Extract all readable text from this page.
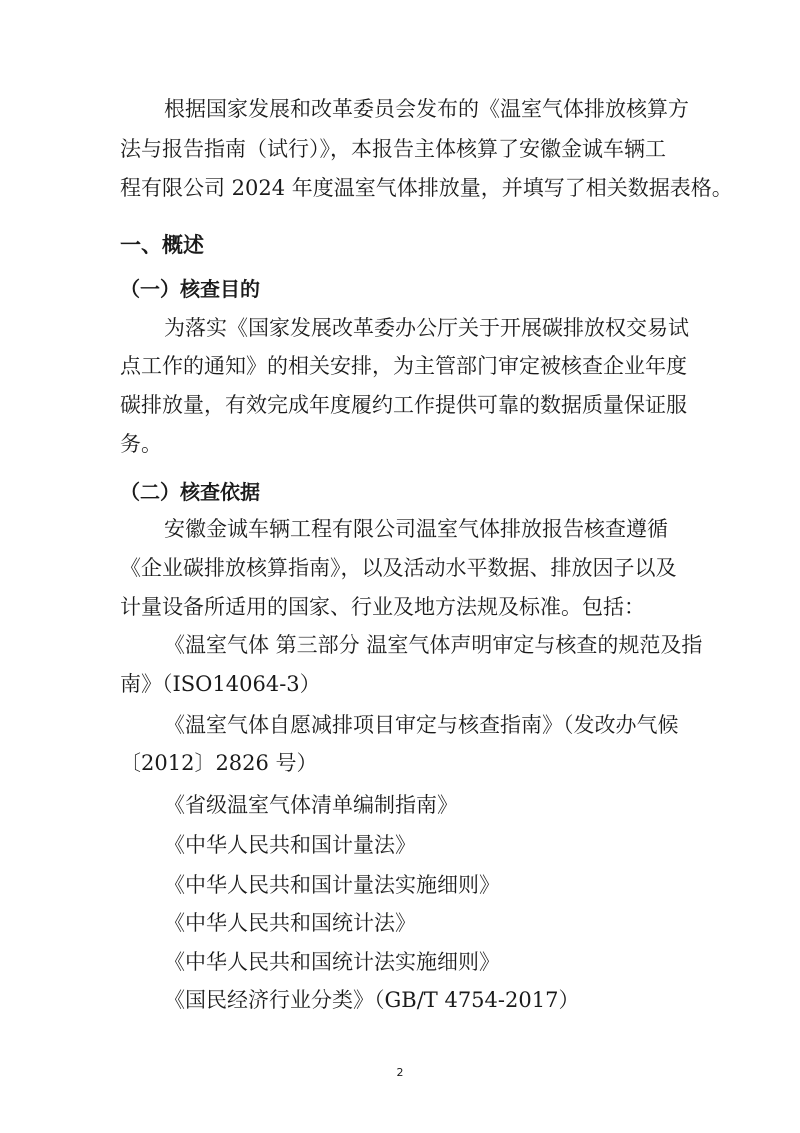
根据国家发展和改革委员会发布的《温室气体排放核算方
法与报告指南（试行）》，本报告主体核算了安徽金诚车辆工
程有限公司 2024 年度温室气体排放量，并填写了相关数据表格。
一、概述
（一）核查目的
为落实《国家发展改革委办公厅关于开展碳排放权交易试
点工作的通知》的相关安排，为主管部门审定被核查企业年度
碳排放量，有效完成年度履约工作提供可靠的数据质量保证服
务。
（二）核查依据
安徽金诚车辆工程有限公司温室气体排放报告核查遵循
《企业碳排放核算指南》，以及活动水平数据、排放因子以及
计量设备所适用的国家、行业及地方法规及标准。包括：
《温室气体 第三部分 温室气体声明审定与核查的规范及指
南》（ISO14064-3）
《温室气体自愿减排项目审定与核查指南》（发改办气候
〔2012〕2826 号）
《省级温室气体清单编制指南》
《中华人民共和国计量法》
《中华人民共和国计量法实施细则》
《中华人民共和国统计法》
《中华人民共和国统计法实施细则》
《国民经济行业分类》（GB/T 4754-2017）
2
